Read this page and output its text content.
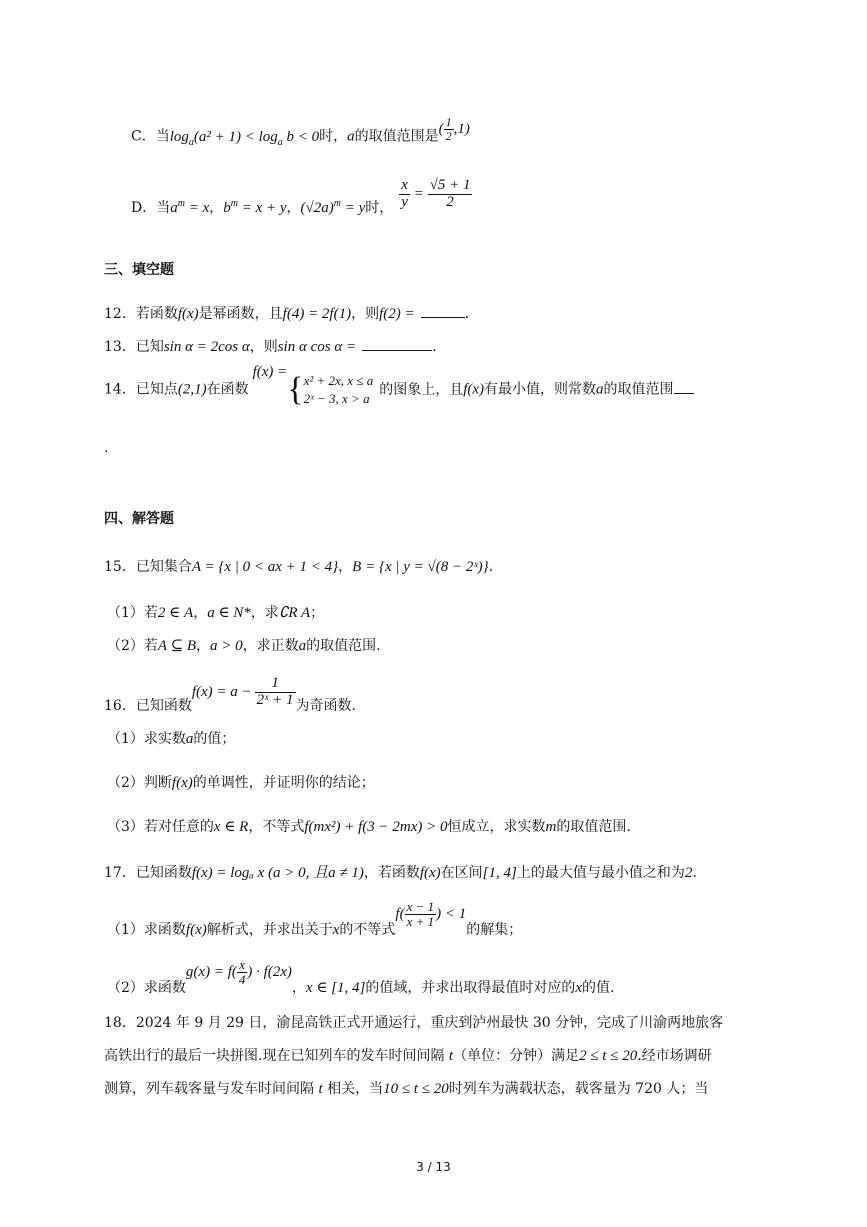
C．当$\log_a(a^2 + 1) < \log_a b < 0$时，a的取值范围是( $\frac{1}{2} ,1$)
D．当$a^m = x$，$b^m = x + y$，$(√2a)^m = y$时， $\frac{x}{y} = \frac{√5 + 1}{2}$
三、填空题
12．若函数f(x)是幂函数，且f(4) = 2f(1)，则f(2) =	.
13．已知sin α = 2cos α，则sin α cos α =	.
14．已知点(2,1)在函数f(x) ={ x² + 2x, x ≤ a
2ˣ − 3, x > a
的图象上，且f(x)有最小值，则常数a的取值范围
.
四、解答题
15．已知集合A = {x | 0 < ax + 1 < 4}，B = {x | y = √(8 − 2ˣ)}.
（1）若2 ∈ A，a ∈ N*，求∁R A；
（2）若A ⊆ B，a > 0，求正数a的取值范围.
16．已知函数$f(x) = a - \frac{1}{\text{2ˣ + 1}}$ 为奇函数.
（1）求实数a的值；
（2）判断f(x)的单调性，并证明你的结论；
（3）若对任意的x ∈ R，不等式f(mx²) + f(3 − 2mx) > 0恒成立，求实数m的取值范围.
17．已知函数f(x) = logₐ x (a > 0, 且a ≠ 1)，若函数f(x)在区间[1, 4]上的最大值与最小值之和为2.
（1）求函数f(x)解析式，并求出关于x的不等式$f( \frac{x - 1}{x + 1}$ ) < 1的解集；
（2）求函数$g(x) = f( \frac{x}{4}$ ) · f(2x)，x ∈ [1, 4]的值域，并求出取得最值时对应的x的值.
18．2024 年 9 月 29 日，渝昆高铁正式开通运行，重庆到泸州最快 30 分钟，完成了川渝两地旅客
高铁出行的最后一块拼图.现在已知列车的发车时间间隔 t（单位：分钟）满足2 ≤ t ≤ 20.经市场调研
测算，列车载客量与发车时间间隔 t 相关，当10 ≤ t ≤ 20时列车为满载状态，载客量为 720 人；当
3 / 13
